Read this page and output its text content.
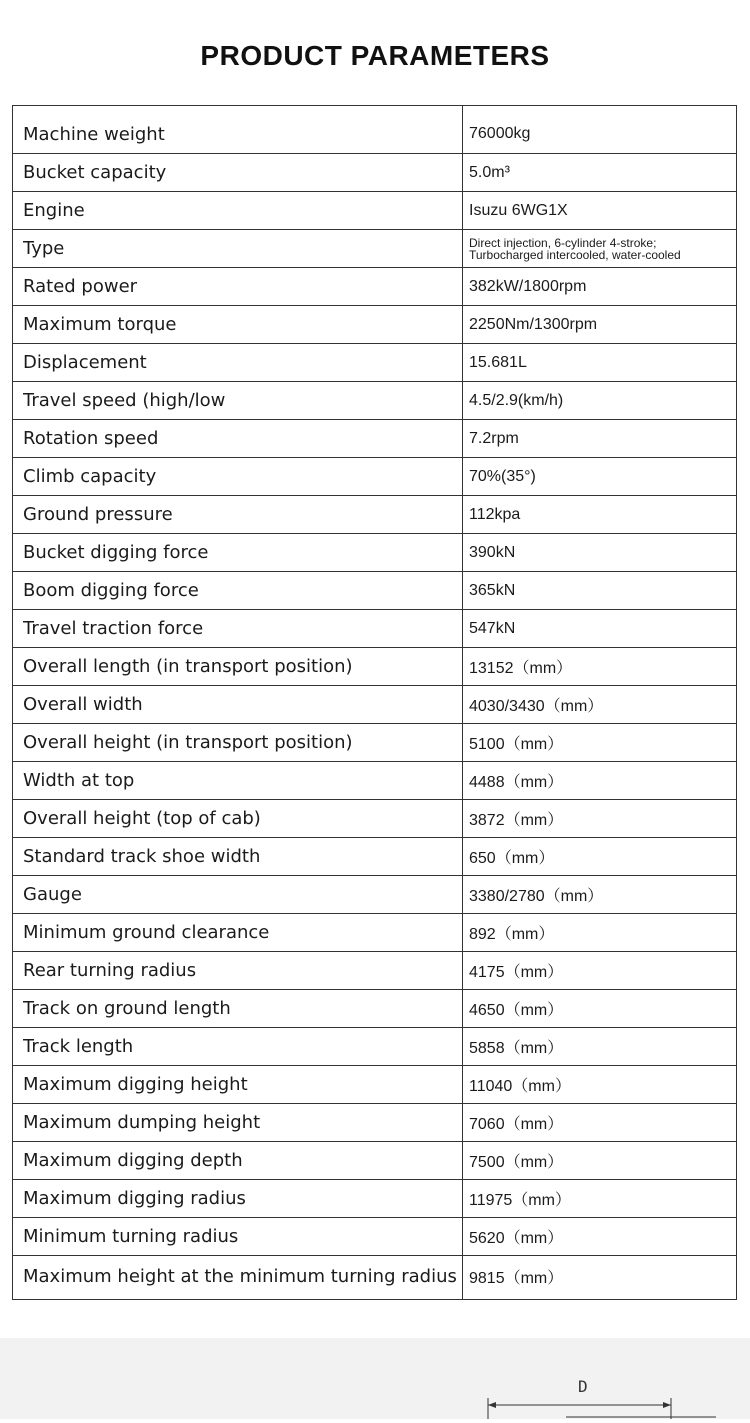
PRODUCT PARAMETERS
Machine weight	76000kg
Bucket capacity	5.0m³
Engine	Isuzu 6WG1X
Type	Direct injection, 6-cylinder 4-stroke; Turbocharged intercooled, water-cooled
Rated power	382kW/1800rpm
Maximum torque	2250Nm/1300rpm
Displacement	15.681L
Travel speed (high/low	4.5/2.9(km/h)
Rotation speed	7.2rpm
Climb capacity	70%(35°)
Ground pressure	112kpa
Bucket digging force	390kN
Boom digging force	365kN
Travel traction force	547kN
Overall length (in transport position)	13152（mm）
Overall width	4030/3430（mm）
Overall height (in transport position)	5100（mm）
Width at top	4488（mm）
Overall height (top of cab)	3872（mm）
Standard track shoe width	650（mm）
Gauge	3380/2780（mm）
Minimum ground clearance	892（mm）
Rear turning radius	4175（mm）
Track on ground length	4650（mm）
Track length	5858（mm）
Maximum digging height	11040（mm）
Maximum dumping height	7060（mm）
Maximum digging depth	7500（mm）
Maximum digging radius	11975（mm）
Minimum turning radius	5620（mm）
Maximum height at the minimum turning radius 9815（mm）
D
